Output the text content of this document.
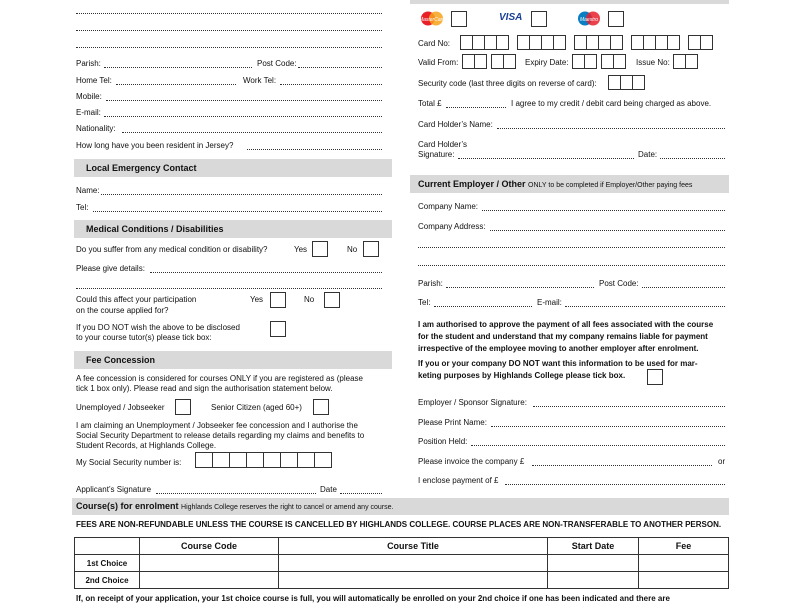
Parish:	Post Code:
Home Tel:	Work Tel:
Mobile:
E-mail:
Nationality:
How long have you been resident in Jersey?
Local Emergency Contact
Name:
Tel:
Medical Conditions / Disabilities
Do you suffer from any medical condition or disability?	Yes	No
Please give details:
Could this affect your participation
on the course applied for?
Yes	No
If you DO NOT wish the above to be disclosed
to your course tutor(s) please tick box:
Fee Concession
A fee concession is considered for courses ONLY if you are registered as (please
tick 1 box only). Please read and sign the authorisation statement below.
Unemployed / Jobseeker	Senior Citizen (aged 60+)
I am claiming an Unemployment / Jobseeker fee concession and I authorise the
Social Security Department to release details regarding my claims and benefits to
Student Records, at Highlands College.
My Social Security number is:
Applicant’s Signature	Date
MasterCard	VISA	Maestro
Card No:
Valid From:	Expiry Date:	Issue No:
Security code (last three digits on reverse of card):
Total £	I agree to my credit / debit card being charged as above.
Card Holder’s Name:
Card Holder’s
Signature:	Date:
Current Employer / Other ONLY to be completed if Employer/Other paying fees
Company Name:
Company Address:
Parish:	Post Code:
Tel:	E-mail:
I am authorised to approve the payment of all fees associated with the course
for the student and understand that my company remains liable for payment
irrespective of the employee moving to another employer after enrolment.
If you or your company DO NOT want this information to be used for mar-
keting purposes by Highlands College please tick box.
Employer / Sponsor Signature:
Please Print Name:
Position Held:
Please invoice the company £	or
I enclose payment of £
Course(s) for enrolment Highlands College reserves the right to cancel or amend any course.
FEES ARE NON-REFUNDABLE UNLESS THE COURSE IS CANCELLED BY HIGHLANDS COLLEGE. COURSE PLACES ARE NON-TRANSFERABLE TO ANOTHER PERSON.
	Course Code	Course Title	Start Date	Fee
1st Choice				
2nd Choice				
If, on receipt of your application, your 1st choice course is full, you will automatically be enrolled on your 2nd choice if one has been indicated and there are
